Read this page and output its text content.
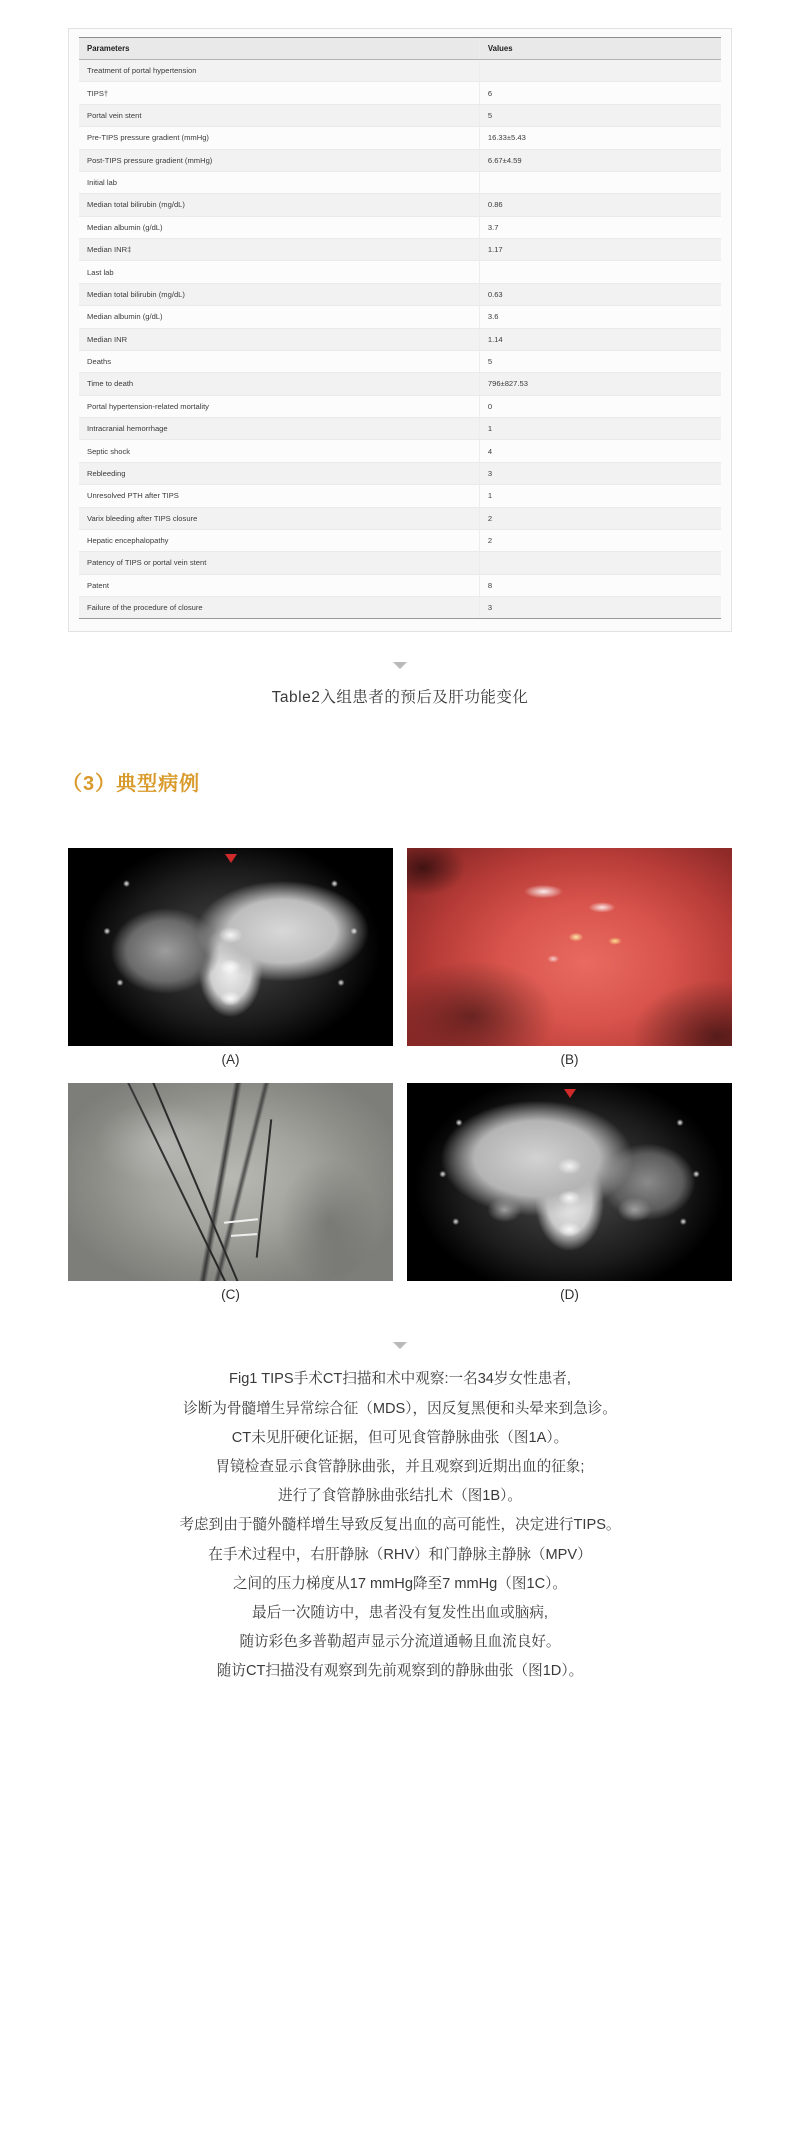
Parameters	Values
Treatment of portal hypertension	
TIPS†	6
Portal vein stent	5
Pre-TIPS pressure gradient (mmHg)	16.33±5.43
Post-TIPS pressure gradient (mmHg)	6.67±4.59
Initial lab	
Median total bilirubin (mg/dL)	0.86
Median albumin (g/dL)	3.7
Median INR‡	1.17
Last lab	
Median total bilirubin (mg/dL)	0.63
Median albumin (g/dL)	3.6
Median INR	1.14
Deaths	5
Time to death	796±827.53
Portal hypertension-related mortality	0
Intracranial hemorrhage	1
Septic shock	4
Rebleeding	3
Unresolved PTH after TIPS	1
Varix bleeding after TIPS closure	2
Hepatic encephalopathy	2
Patency of TIPS or portal vein stent	
Patent	8
Failure of the procedure of closure	3
Table2入组患者的预后及肝功能变化
（3）典型病例
(A)	(B)
(C)	(D)
Fig1 TIPS手术CT扫描和术中观察:一名34岁女性患者,
诊断为骨髓增生异常综合征（MDS），因反复黑便和头晕来到急诊。
CT未见肝硬化证据，但可见食管静脉曲张（图1A）。
胃镜检查显示食管静脉曲张，并且观察到近期出血的征象;
进行了食管静脉曲张结扎术（图1B）。
考虑到由于髓外髓样增生导致反复出血的高可能性，决定进行TIPS。
在手术过程中，右肝静脉（RHV）和门静脉主静脉（MPV）
之间的压力梯度从17 mmHg降至7 mmHg（图1C）。
最后一次随访中，患者没有复发性出血或脑病,
随访彩色多普勒超声显示分流道通畅且血流良好。
随访CT扫描没有观察到先前观察到的静脉曲张（图1D）。
